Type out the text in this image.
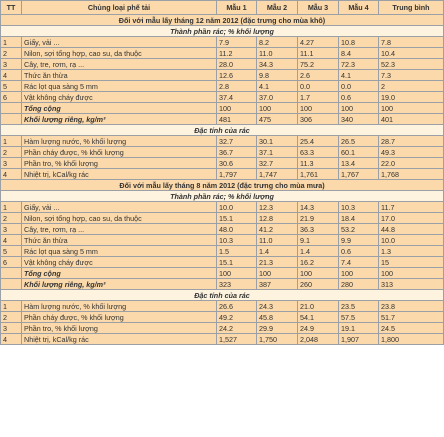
TT	Chủng loại phế tải	Mẫu 1	Mẫu 2	Mẫu 3	Mẫu 4	Trung bình
Đối với mẫu lấy tháng 12 năm 2012 (đặc trưng cho mùa khô)						
Thành phần rác; % khối lượng						
1	Giấy, vải ...	7.9	8.2	4.27	10.8	7.8
2	Nilon, sợi tổng hợp, cao su, da thuộc	11.2	11.0	11.1	8.4	10.4
3	Cây, tre, rơm, rạ ...	28.0	34.3	75.2	72.3	52.3
4	Thức ăn thừa	12.6	9.8	2.6	4.1	7.3
5	Rác lọt qua sàng 5 mm	2.8	4.1	0.0	0.0	2
6	Vật không cháy được	37.4	37.0	1.7	0.6	19.0
	Tổng cộng	100	100	100	100	100
	Khối lượng riêng, kg/m³	481	475	306	340	401
Đặc tính của rác						
1	Hàm lượng nước, % khối lượng	32.7	30.1	25.4	26.5	28.7
2	Phần cháy được, % khối lượng	36.7	37.1	63.3	60.1	49.3
3	Phần tro, % khối lượng	30.6	32.7	11.3	13.4	22.0
4	Nhiệt trị, kCal/kg rác	1,797	1,747	1,761	1,767	1,768
Đối với mẫu lấy tháng 8 năm 2012 (đặc trưng cho mùa mưa)						
Thành phần rác; % khối lượng						
1	Giấy, vải ...	10.0	12.3	14.3	10.3	11.7
2	Nilon, sợi tổng hợp, cao su, da thuộc	15.1	12.8	21.9	18.4	17.0
3	Cây, tre, rơm, rạ ...	48.0	41.2	36.3	53.2	44.8
4	Thức ăn thừa	10.3	11.0	9.1	9.9	10.0
5	Rác lọt qua sàng 5 mm	1.5	1.4	1.4	0.6	1.3
6	Vật không cháy được	15.1	21.3	16.2	7.4	15
	Tổng cộng	100	100	100	100	100
	Khối lượng riêng, kg/m³	323	387	260	280	313
Đặc tính của rác						
1	Hàm lượng nước, % khối lượng	26.6	24.3	21.0	23.5	23.8
2	Phần cháy được, % khối lượng	49.2	45.8	54.1	57.5	51.7
3	Phần tro, % khối lượng	24.2	29.9	24.9	19.1	24.5
4	Nhiệt trị, kCal/kg rác	1,527	1,750	2,048	1,907	1,800
